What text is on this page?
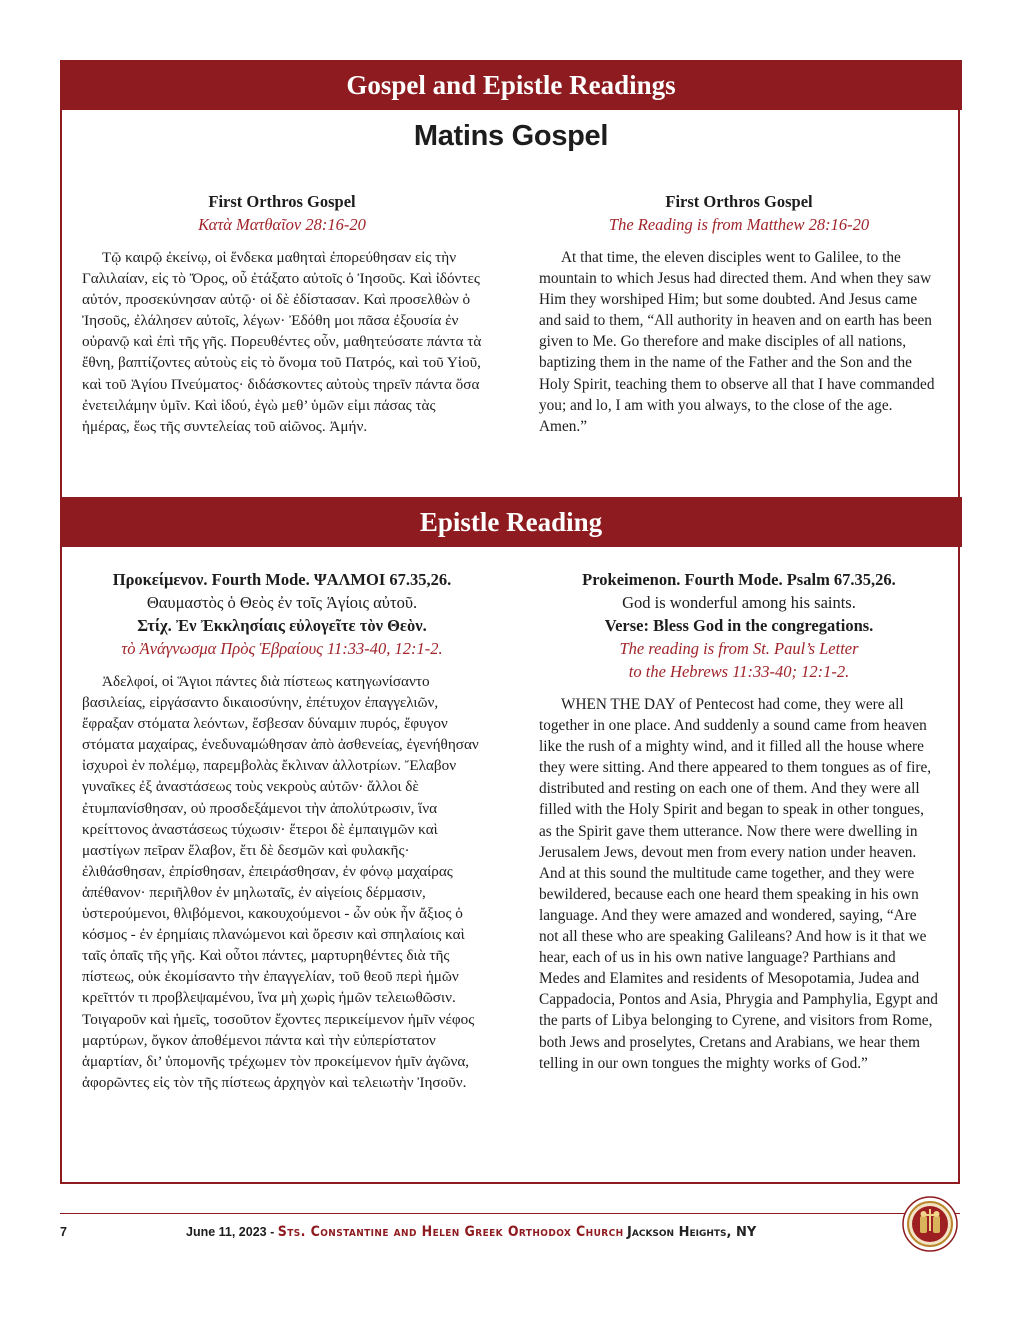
Gospel and Epistle Readings
Matins Gospel
First Orthros Gospel
Κατὰ Ματθαῖον 28:16-20
Τῷ καιρῷ ἐκείνῳ, οἱ ἕνδεκα μαθηταὶ ἐπορεύθησαν εἰς τὴν Γαλιλαίαν, εἰς τὸ Ὄρος, οὗ ἐτάξατο αὐτοῖς ὁ Ἰησοῦς. Καὶ ἰδόντες αὐτόν, προσεκύνησαν αὐτῷ· οἱ δὲ ἐδίστασαν. Καὶ προσελθὼν ὁ Ἰησοῦς, ἐλάλησεν αὐτοῖς, λέγων· Ἐδόθη μοι πᾶσα ἐξουσία ἐν οὐρανῷ καὶ ἐπὶ τῆς γῆς. Πορευθέντες οὖν, μαθητεύσατε πάντα τὰ ἔθνη, βαπτίζοντες αὐτοὺς εἰς τὸ ὄνομα τοῦ Πατρός, καὶ τοῦ Υἱοῦ, καὶ τοῦ Ἁγίου Πνεύματος· διδάσκοντες αὐτοὺς τηρεῖν πάντα ὅσα ἐνετειλάμην ὑμῖν. Καὶ ἰδού, ἐγὼ μεθ’ ὑμῶν εἰμι πάσας τὰς ἡμέρας, ἕως τῆς συντελείας τοῦ αἰῶνος. Ἀμήν.
First Orthros Gospel
The Reading is from Matthew 28:16-20
At that time, the eleven disciples went to Galilee, to the mountain to which Jesus had directed them. And when they saw Him they worshiped Him; but some doubted. And Jesus came and said to them, “All authority in heaven and on earth has been given to Me. Go therefore and make disciples of all nations, baptizing them in the name of the Father and the Son and the Holy Spirit, teaching them to observe all that I have commanded you; and lo, I am with you always, to the close of the age. Amen.”
Epistle Reading
Προκείμενον. Fourth Mode. ΨΑΛΜΟΙ 67.35,26.
Θαυμαστὸς ὁ Θεὸς ἐν τοῖς Ἁγίοις αὐτοῦ.
Στίχ. Ἐν Ἐκκλησίαις εὐλογεῖτε τὸν Θεὸν.
τὸ Ἀνάγνωσμα Πρὸς Ἑβραίους 11:33-40, 12:1-2.
Ἀδελφοί, οἱ Ἅγιοι πάντες διὰ πίστεως κατηγωνίσαντο βασιλείας, εἰργάσαντο δικαιοσύνην, ἐπέτυχον ἐπαγγελιῶν, ἔφραξαν στόματα λεόντων, ἔσβεσαν δύναμιν πυρός, ἔφυγον στόματα μαχαίρας, ἐνεδυναμώθησαν ἀπὸ ἀσθενείας, ἐγενήθησαν ἰσχυροὶ ἐν πολέμῳ, παρεμβολὰς ἔκλιναν ἀλλοτρίων. Ἔλαβον γυναῖκες ἐξ ἀναστάσεως τοὺς νεκροὺς αὐτῶν· ἄλλοι δὲ ἐτυμπανίσθησαν, οὐ προσδεξάμενοι τὴν ἀπολύτρωσιν, ἵνα κρείττονος ἀναστάσεως τύχωσιν· ἕτεροι δὲ ἐμπαιγμῶν καὶ μαστίγων πεῖραν ἔλαβον, ἔτι δὲ δεσμῶν καὶ φυλακῆς· ἐλιθάσθησαν, ἐπρίσθησαν, ἐπειράσθησαν, ἐν φόνῳ μαχαίρας ἀπέθανον· περιῆλθον ἐν μηλωταῖς, ἐν αἰγείοις δέρμασιν, ὑστερούμενοι, θλιβόμενοι, κακουχούμενοι - ὧν οὐκ ἦν ἄξιος ὁ κόσμος - ἐν ἐρημίαις πλανώμενοι καὶ ὄρεσιν καὶ σπηλαίοις καὶ ταῖς ὀπαῖς τῆς γῆς. Καὶ οὗτοι πάντες, μαρτυρηθέντες διὰ τῆς πίστεως, οὐκ ἐκομίσαντο τὴν ἐπαγγελίαν, τοῦ θεοῦ περὶ ἡμῶν κρεῖττόν τι προβλεψαμένου, ἵνα μὴ χωρὶς ἡμῶν τελειωθῶσιν. Τοιγαροῦν καὶ ἡμεῖς, τοσοῦτον ἔχοντες περικείμενον ἡμῖν νέφος μαρτύρων, ὄγκον ἀποθέμενοι πάντα καὶ τὴν εὐπερίστατον ἁμαρτίαν, δι’ ὑπομονῆς τρέχωμεν τὸν προκείμενον ἡμῖν ἀγῶνα, ἀφορῶντες εἰς τὸν τῆς πίστεως ἀρχηγὸν καὶ τελειωτὴν Ἰησοῦν.
Prokeimenon. Fourth Mode. Psalm 67.35,26.
God is wonderful among his saints.
Verse: Bless God in the congregations.
The reading is from St. Paul’s Letter
to the Hebrews 11:33-40; 12:1-2.
WHEN THE DAY of Pentecost had come, they were all together in one place. And suddenly a sound came from heaven like the rush of a mighty wind, and it filled all the house where they were sitting. And there appeared to them tongues as of fire, distributed and resting on each one of them. And they were all filled with the Holy Spirit and began to speak in other tongues, as the Spirit gave them utterance. Now there were dwelling in Jerusalem Jews, devout men from every nation under heaven. And at this sound the multitude came together, and they were bewildered, because each one heard them speaking in his own language. And they were amazed and wondered, saying, “Are not all these who are speaking Galileans? And how is it that we hear, each of us in his own native language? Parthians and Medes and Elamites and residents of Mesopotamia, Judea and Cappadocia, Pontos and Asia, Phrygia and Pamphylia, Egypt and the parts of Libya belonging to Cyrene, and visitors from Rome, both Jews and proselytes, Cretans and Arabians, we hear them telling in our own tongues the mighty works of God.”
7	June 11, 2023 - Sts. Constantine and Helen Greek Orthodox Church Jackson Heights, NY
